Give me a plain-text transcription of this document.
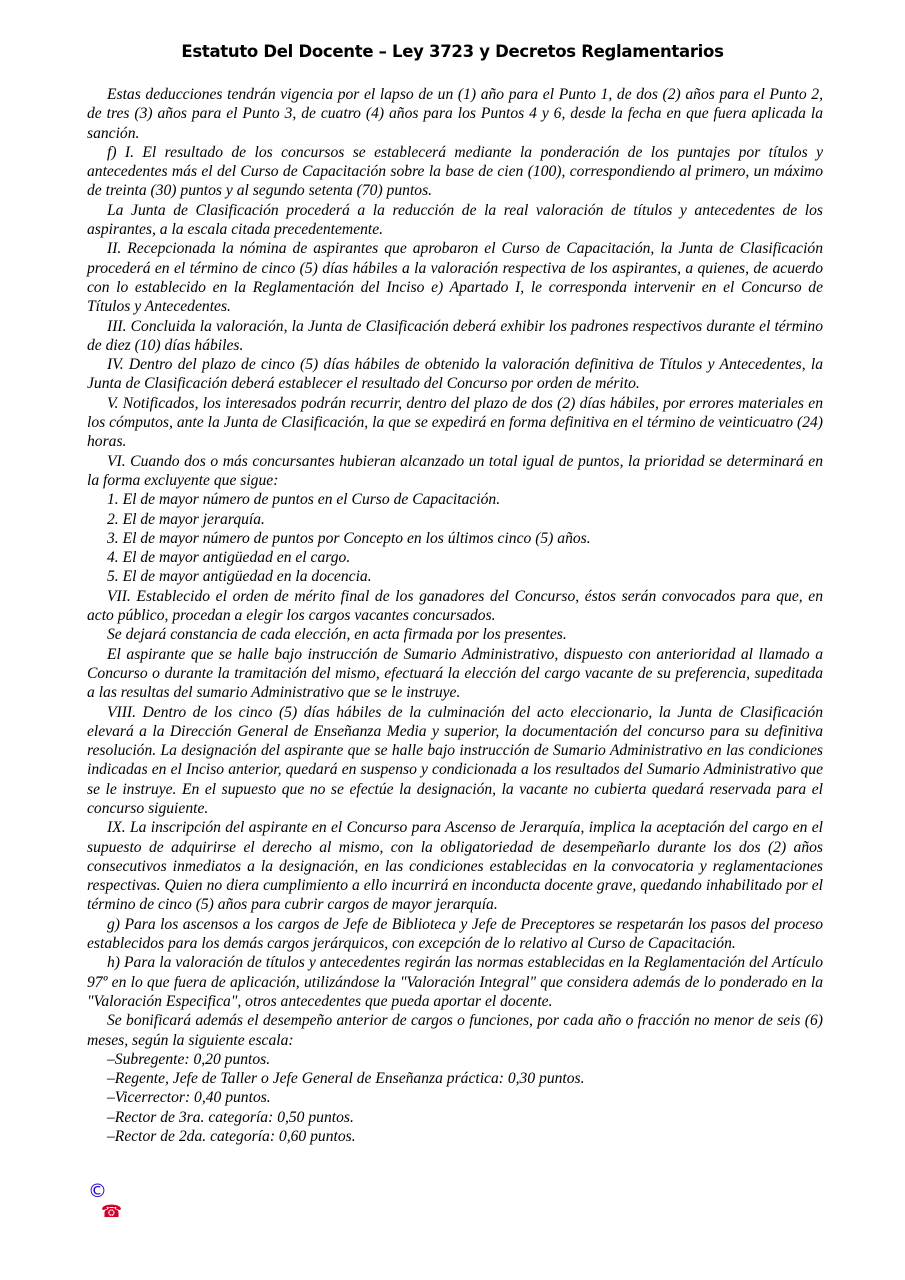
Estatuto Del Docente – Ley 3723 y Decretos Reglamentarios

Estas deducciones tendrán vigencia por el lapso de un (1) año para el Punto 1, de dos (2) años para el Punto 2, de tres (3) años para el Punto 3, de cuatro (4) años para los Puntos 4 y 6, desde la fecha en que fuera aplicada la sanción.

f) I. El resultado de los concursos se establecerá mediante la ponderación de los puntajes por títulos y antecedentes más el del Curso de Capacitación sobre la base de cien (100), correspondiendo al primero, un máximo de treinta (30) puntos y al segundo setenta (70) puntos.

La Junta de Clasificación procederá a la reducción de la real valoración de títulos y antecedentes de los aspirantes, a la escala citada precedentemente.

II. Recepcionada la nómina de aspirantes que aprobaron el Curso de Capacitación, la Junta de Clasificación procederá en el término de cinco (5) días hábiles a la valoración respectiva de los aspirantes, a quienes, de acuerdo con lo establecido en la Reglamentación del Inciso e) Apartado I, le corresponda intervenir en el Concurso de Títulos y Antecedentes.

III. Concluida la valoración, la Junta de Clasificación deberá exhibir los padrones respectivos durante el término de diez (10) días hábiles.

IV. Dentro del plazo de cinco (5) días hábiles de obtenido la valoración definitiva de Títulos y Antecedentes, la Junta de Clasificación deberá establecer el resultado del Concurso por orden de mérito.

V. Notificados, los interesados podrán recurrir, dentro del plazo de dos (2) días hábiles, por errores materiales en los cómputos, ante la Junta de Clasificación, la que se expedirá en forma definitiva en el término de veinticuatro (24) horas.

VI. Cuando dos o más concursantes hubieran alcanzado un total igual de puntos, la prioridad se determinará en la forma excluyente que sigue:

1. El de mayor número de puntos en el Curso de Capacitación.

2. El de mayor jerarquía.

3. El de mayor número de puntos por Concepto en los últimos cinco (5) años.

4. El de mayor antigüedad en el cargo.

5. El de mayor antigüedad en la docencia.

VII. Establecido el orden de mérito final de los ganadores del Concurso, éstos serán convocados para que, en acto público, procedan a elegir los cargos vacantes concursados.

Se dejará constancia de cada elección, en acta firmada por los presentes.

El aspirante que se halle bajo instrucción de Sumario Administrativo, dispuesto con anterioridad al llamado a Concurso o durante la tramitación del mismo, efectuará la elección del cargo vacante de su preferencia, supeditada a las resultas del sumario Administrativo que se le instruye.

VIII. Dentro de los cinco (5) días hábiles de la culminación del acto eleccionario, la Junta de Clasificación elevará a la Dirección General de Enseñanza Media y superior, la documentación del concurso para su definitiva resolución. La designación del aspirante que se halle bajo instrucción de Sumario Administrativo en las condiciones indicadas en el Inciso anterior, quedará en suspenso y condicionada a los resultados del Sumario Administrativo que se le instruye. En el supuesto que no se efectúe la designación, la vacante no cubierta quedará reservada para el concurso siguiente.

IX. La inscripción del aspirante en el Concurso para Ascenso de Jerarquía, implica la aceptación del cargo en el supuesto de adquirirse el derecho al mismo, con la obligatoriedad de desempeñarlo durante los dos (2) años consecutivos inmediatos a la designación, en las condiciones establecidas en la convocatoria y reglamentaciones respectivas. Quien no diera cumplimiento a ello incurrirá en inconducta docente grave, quedando inhabilitado por el término de cinco (5) años para cubrir cargos de mayor jerarquía.

g) Para los ascensos a los cargos de Jefe de Biblioteca y Jefe de Preceptores se respetarán los pasos del proceso establecidos para los demás cargos jerárquicos, con excepción de lo relativo al Curso de Capacitación.

h) Para la valoración de títulos y antecedentes regirán las normas establecidas en la Reglamentación del Artículo 97º en lo que fuera de aplicación, utilizándose la "Valoración Integral" que considera además de lo ponderado en la "Valoración Especifica", otros antecedentes que pueda aportar el docente.

Se bonificará además el desempeño anterior de cargos o funciones, por cada año o fracción no menor de seis (6) meses, según la siguiente escala:

–Subregente: 0,20 puntos.

–Regente, Jefe de Taller o Jefe General de Enseñanza práctica: 0,30 puntos.

–Vicerrector: 0,40 puntos.

–Rector de 3ra. categoría: 0,50 puntos.

–Rector de 2da. categoría: 0,60 puntos.

©
☎
